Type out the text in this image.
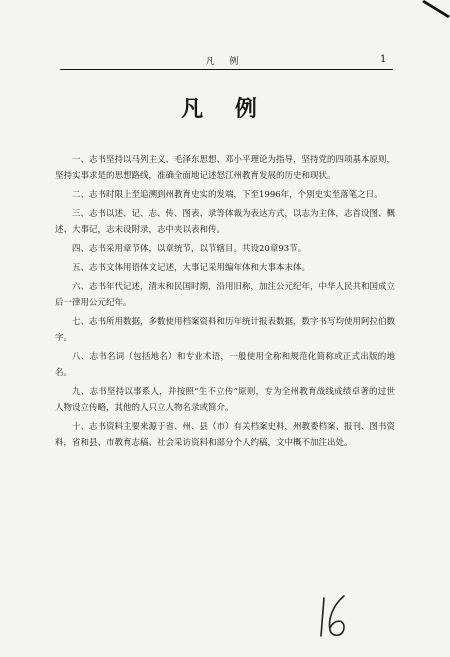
凡 例	1
凡 例

一、志书坚持以马列主义、毛泽东思想、邓小平理论为指导，坚持党的四项基本原则，坚持实事求是的思想路线，准确全面地记述怒江州教育发展的历史和现状。

二、志书时限上至追溯到州教育史实的发端，下至1996年，个别史实至落笔之日。

三、志书以述、记、志、传、图表、录等体裁为表达方式，以志为主体，志首设图、概述、大事记，志末设附录，志中夹以表和传。

四、志书采用章节体，以章统节，以节辖目。共设20章93节。

五、志书文体用语体文记述，大事记采用编年体和大事本末体。

六、志书年代记述，清末和民国时期，沿用旧称，加注公元纪年，中华人民共和国成立后一律用公元纪年。

七、志书所用数据，多数使用档案资料和历年统计报表数据，数字书写均使用阿拉伯数字。

八、志书名词（包括地名）和专业术语，一般使用全称和规范化简称或正式出版的地名。

九、志书坚持以事系人，并按照“生不立传”原则，专为全州教育战线成绩卓著的过世人物设立传略，其他的人只立人物名录或简介。

十、志书资料主要来源于省、州、县（市）有关档案史料，州教委档案、报刊、图书资料，省和县、市教育志稿、社会采访资料和部分个人约稿，文中概不加注出处。
